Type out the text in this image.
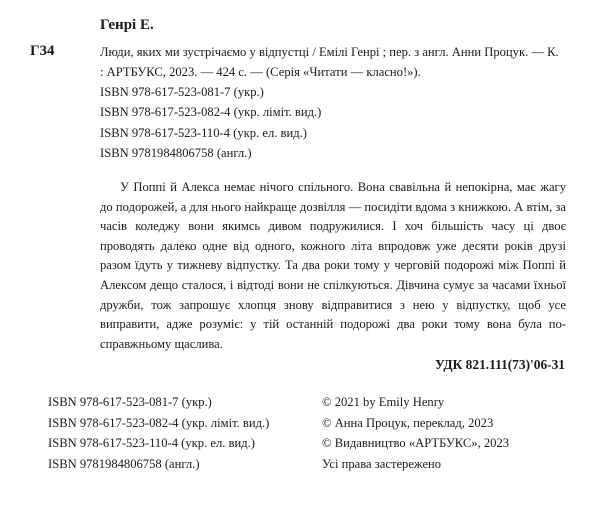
Генрі Е.
Г34	Люди, яких ми зустрічаємо у відпустці / Емілі Генрі ; пер. з англ. Анни Процук. — К. : АРТБУКС, 2023. — 424 с. — (Серія «Читати — класно!»).
ISBN 978-617-523-081-7 (укр.)
ISBN 978-617-523-082-4 (укр. ліміт. вид.)
ISBN 978-617-523-110-4 (укр. ел. вид.)
ISBN 9781984806758 (англ.)
У Поппі й Алекса немає нічого спільного. Вона свавільна й непокірна, має жагу до подорожей, а для нього найкраще дозвілля — посидіти вдома з книжкою. А втім, за часів коледжу вони якимсь дивом подружилися. І хоч більшість часу ці двоє проводять далеко одне від одного, кожного літа впродовж уже десяти років друзі разом їдуть у тижневу відпустку. Та два роки тому у черговій подорожі між Поппі й Алексом дещо сталося, і відтоді вони не спілкуються. Дівчина сумує за часами їхньої дружби, тож запрошує хлопця знову відправитися з нею у відпустку, щоб усе виправити, адже розуміє: у тій останній подорожі два роки тому вона була по-справжньому щаслива.
УДК 821.111(73)'06-31
ISBN 978-617-523-081-7 (укр.)
ISBN 978-617-523-082-4 (укр. ліміт. вид.)
ISBN 978-617-523-110-4 (укр. ел. вид.)
ISBN 9781984806758 (англ.)
© 2021 by Emily Henry
© Анна Процук, переклад, 2023
© Видавництво «АРТБУКС», 2023
Усі права застережено
